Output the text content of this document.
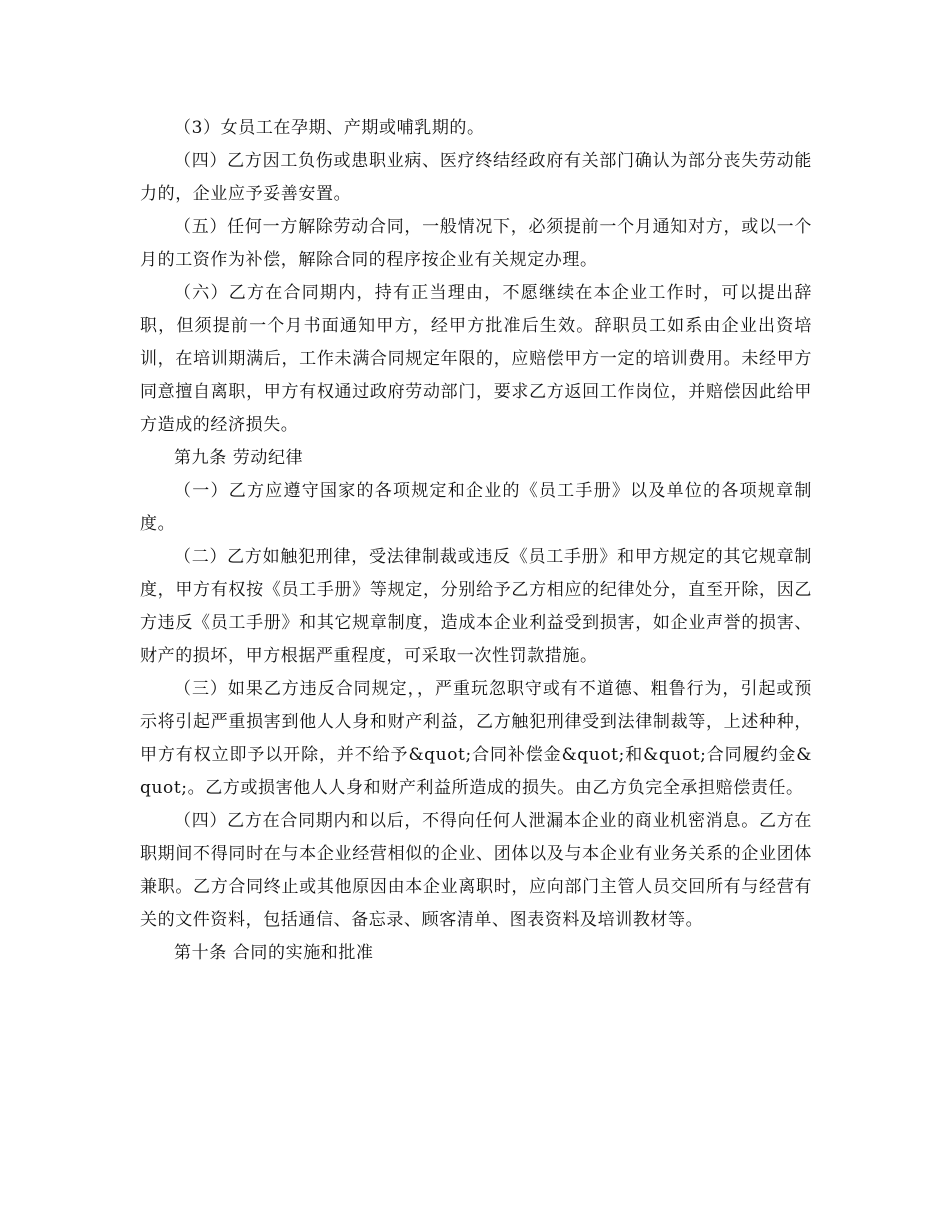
（3）女员工在孕期、产期或哺乳期的。

（四）乙方因工负伤或患职业病、医疗终结经政府有关部门确认为部分丧失劳动能力的，企业应予妥善安置。

（五）任何一方解除劳动合同，一般情况下，必须提前一个月通知对方，或以一个月的工资作为补偿，解除合同的程序按企业有关规定办理。

（六）乙方在合同期内，持有正当理由，不愿继续在本企业工作时，可以提出辞职，但须提前一个月书面通知甲方，经甲方批准后生效。辞职员工如系由企业出资培训，在培训期满后，工作未满合同规定年限的，应赔偿甲方一定的培训费用。未经甲方同意擅自离职，甲方有权通过政府劳动部门，要求乙方返回工作岗位，并赔偿因此给甲方造成的经济损失。

第九条 劳动纪律

（一）乙方应遵守国家的各项规定和企业的《员工手册》以及单位的各项规章制度。

（二）乙方如触犯刑律，受法律制裁或违反《员工手册》和甲方规定的其它规章制度，甲方有权按《员工手册》等规定，分别给予乙方相应的纪律处分，直至开除，因乙方违反《员工手册》和其它规章制度，造成本企业利益受到损害，如企业声誉的损害、财产的损坏，甲方根据严重程度，可采取一次性罚款措施。

（三）如果乙方违反合同规定，，严重玩忽职守或有不道德、粗鲁行为，引起或预示将引起严重损害到他人人身和财产利益，乙方触犯刑律受到法律制裁等，上述种种，甲方有权立即予以开除，并不给予&quot;合同补偿金&quot;和&quot;合同履约金&quot;。乙方或损害他人人身和财产利益所造成的损失。由乙方负完全承担赔偿责任。

（四）乙方在合同期内和以后，不得向任何人泄漏本企业的商业机密消息。乙方在职期间不得同时在与本企业经营相似的企业、团体以及与本企业有业务关系的企业团体兼职。乙方合同终止或其他原因由本企业离职时，应向部门主管人员交回所有与经营有关的文件资料，包括通信、备忘录、顾客清单、图表资料及培训教材等。

第十条 合同的实施和批准
